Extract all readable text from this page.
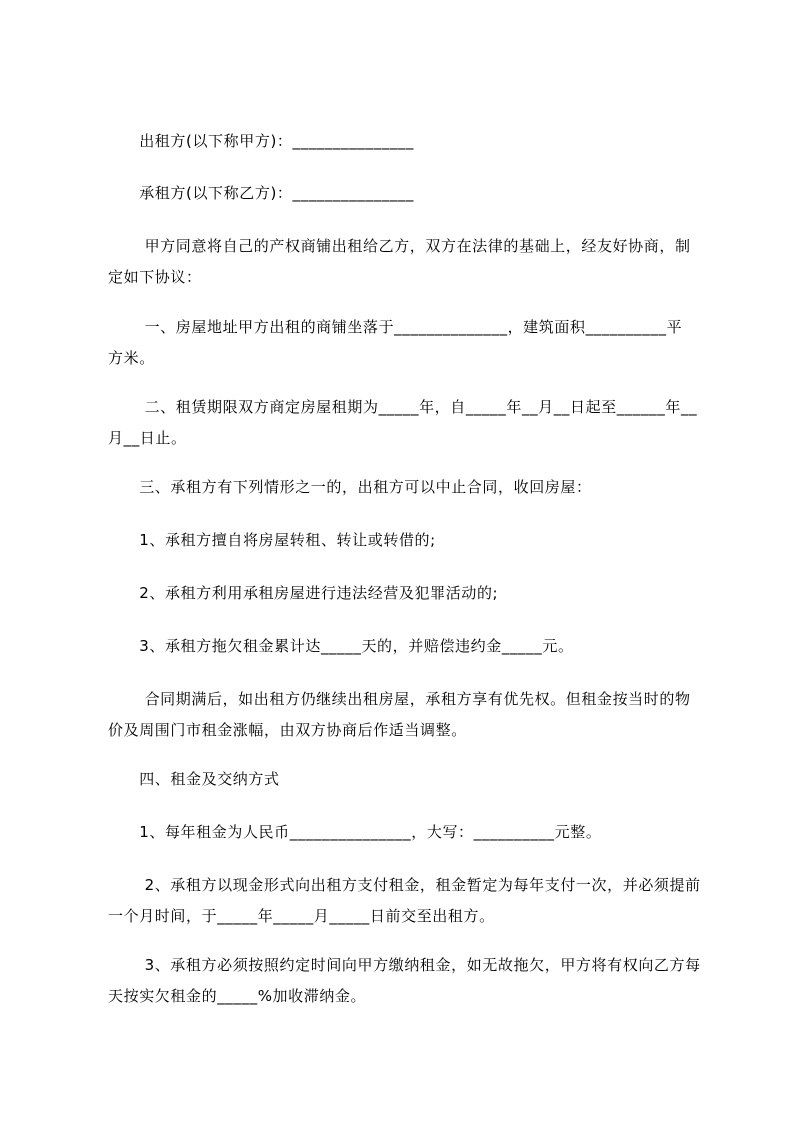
　　出租方(以下称甲方)：_______________
　　承租方(以下称乙方)：_______________
　　 甲方同意将自己的产权商铺出租给乙方，双方在法律的基础上，经友好协商，制
定如下协议：
　　 一、房屋地址甲方出租的商铺坐落于______________，建筑面积__________平
方米。
　　 二、租赁期限双方商定房屋租期为_____年，自_____年__月__日起至______年__
月__日止。
　　三、承租方有下列情形之一的，出租方可以中止合同，收回房屋：
　　1、承租方擅自将房屋转租、转让或转借的;
　　2、承租方利用承租房屋进行违法经营及犯罪活动的;
　　3、承租方拖欠租金累计达_____天的，并赔偿违约金_____元。
　　 合同期满后，如出租方仍继续出租房屋，承租方享有优先权。但租金按当时的物
价及周围门市租金涨幅，由双方协商后作适当调整。
　　四、租金及交纳方式
　　1、每年租金为人民币_______________，大写：__________元整。
　　 2、承租方以现金形式向出租方支付租金，租金暂定为每年支付一次，并必须提前
一个月时间，于_____年_____月_____日前交至出租方。
　　 3、承租方必须按照约定时间向甲方缴纳租金，如无故拖欠，甲方将有权向乙方每
天按实欠租金的_____%加收滞纳金。
